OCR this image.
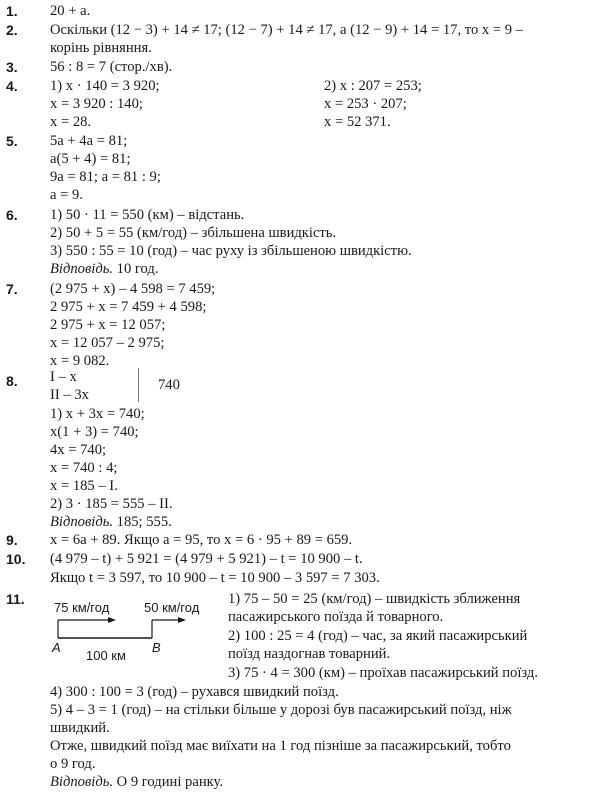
1.
2.
3.
4.
5.
6.
7.
8.
9.
10.
11.
20 + a.
Оскільки (12 − 3) + 14 ≠ 17; (12 − 7) + 14 ≠ 17, а (12 − 9) + 14 = 17, то x = 9 –
корінь рівняння.
56 : 8 = 7 (стор./хв).
1) x · 140 = 3 920;
x = 3 920 : 140;
x = 28.
2) x : 207 = 253;
x = 253 · 207;
x = 52 371.
5a + 4a = 81;
a(5 + 4) = 81;
9a = 81; a = 81 : 9;
a = 9.
1) 50 · 11 = 550 (км) – відстань.
2) 50 + 5 = 55 (км/год) – збільшена швидкість.
3) 550 : 55 = 10 (год) – час руху із збільшеною швидкістю.
Відповідь. 10 год.
(2 975 + x) – 4 598 = 7 459;
2 975 + x = 7 459 + 4 598;
2 975 + x = 12 057;
x = 12 057 – 2 975;
x = 9 082.
I – x
II – 3x
740
1) x + 3x = 740;
x(1 + 3) = 740;
4x = 740;
x = 740 : 4;
x = 185 – I.
2) 3 · 185 = 555 – II.
Відповідь. 185; 555.
x = 6a + 89. Якщо a = 95, то x = 6 · 95 + 89 = 659.
(4 979 – t) + 5 921 = (4 979 + 5 921) – t = 10 900 – t.
Якщо t = 3 597, то 10 900 – t = 10 900 – 3 597 = 7 303.
75 км/год	50 км/год
A	B
100 км
1) 75 – 50 = 25 (км/год) – швидкість зближення
пасажирського поїзда й товарного.
2) 100 : 25 = 4 (год) – час, за який пасажирський
поїзд наздогнав товарний.
3) 75 · 4 = 300 (км) – проїхав пасажирський поїзд.
4) 300 : 100 = 3 (год) – рухався швидкий поїзд.
5) 4 – 3 = 1 (год) – на стільки більше у дорозі був пасажирський поїзд, ніж
швидкий.
Отже, швидкий поїзд має виїхати на 1 год пізніше за пасажирський, тобто
о 9 год.
Відповідь. О 9 годині ранку.
